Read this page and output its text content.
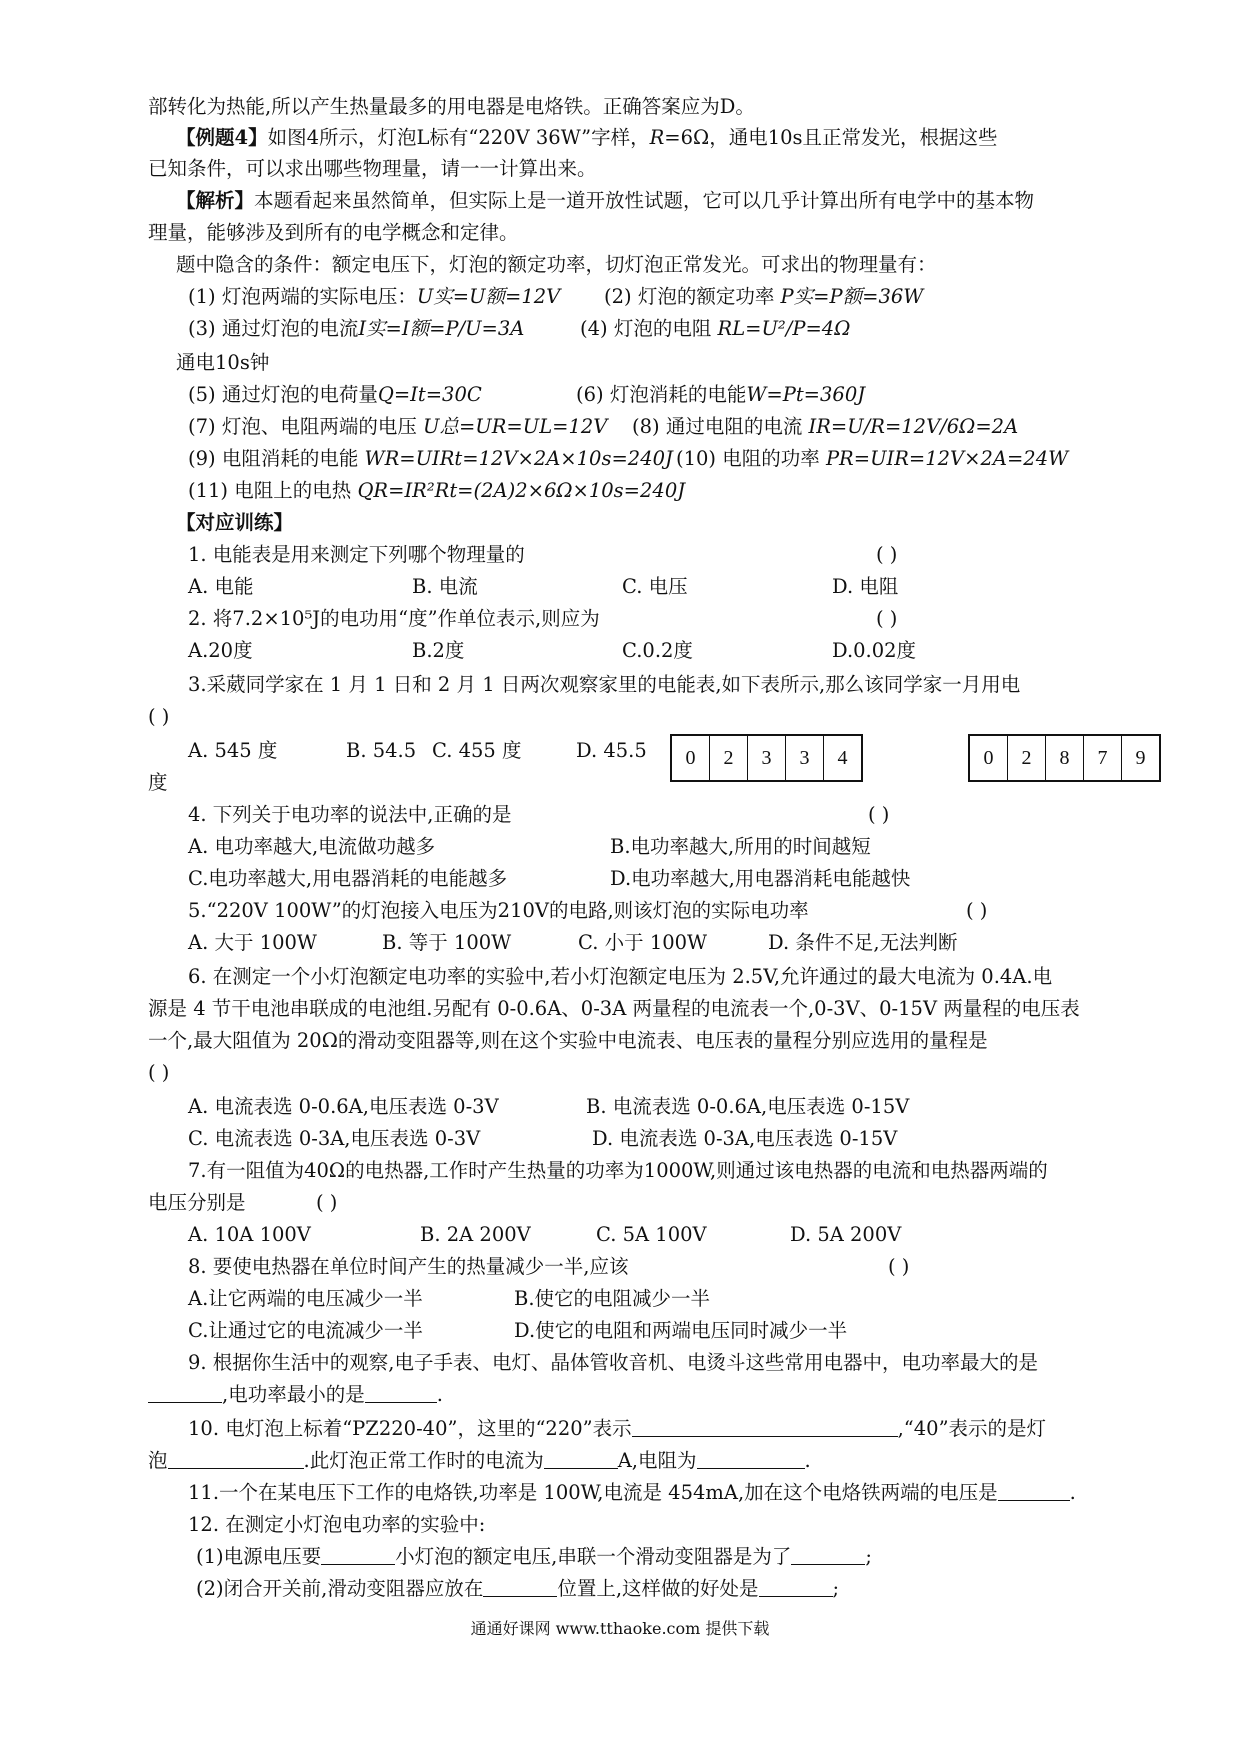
部转化为热能,所以产生热量最多的用电器是电烙铁。正确答案应为D。
【例题4】如图4所示，灯泡L标有“220V 36W”字样，R=6Ω，通电10s且正常发光，根据这些
已知条件，可以求出哪些物理量，请一一计算出来。
【解析】本题看起来虽然简单，但实际上是一道开放性试题，它可以几乎计算出所有电学中的基本物
理量，能够涉及到所有的电学概念和定律。
题中隐含的条件：额定电压下，灯泡的额定功率，切灯泡正常发光。可求出的物理量有：
(1) 灯泡两端的实际电压：U实=U额=12V (2) 灯泡的额定功率 P实=P额=36W
(3) 通过灯泡的电流I实=I额=P/U=3A	(4) 灯泡的电阻 RL=U²/P=4Ω
通电10s钟
(5) 通过灯泡的电荷量Q=It=30C	(6) 灯泡消耗的电能W=Pt=360J
(7) 灯泡、电阻两端的电压 U总=UR=UL=12V (8) 通过电阻的电流 IR=U/R=12V/6Ω=2A
(9) 电阻消耗的电能 WR=UIRt=12V×2A×10s=240J (10) 电阻的功率 PR=UIR=12V×2A=24W
(11) 电阻上的电热 QR=IR²Rt=(2A)2×6Ω×10s=240J
【对应训练】
1. 电能表是用来测定下列哪个物理量的	( )
A. 电能	B. 电流	C. 电压	D. 电阻
2. 将7.2×10⁵J的电功用“度”作单位表示,则应为	( )
A.20度	B.2度	C.0.2度	D.0.02度
3.采葳同学家在 1 月 1 日和 2 月 1 日两次观察家里的电能表,如下表所示,那么该同学家一月用电
( )
A. 545 度	B. 54.5 C. 455 度	D. 45.5
度
0	2	3	3	4	0	2	8	7	9
4. 下列关于电功率的说法中,正确的是	( )
A. 电功率越大,电流做功越多	B.电功率越大,所用的时间越短
C.电功率越大,用电器消耗的电能越多	D.电功率越大,用电器消耗电能越快
5.“220V 100W”的灯泡接入电压为210V的电路,则该灯泡的实际电功率	( )
A. 大于 100W	B. 等于 100W	C. 小于 100W	D. 条件不足,无法判断
6. 在测定一个小灯泡额定电功率的实验中,若小灯泡额定电压为 2.5V,允许通过的最大电流为 0.4A.电
源是 4 节干电池串联成的电池组.另配有 0-0.6A、0-3A 两量程的电流表一个,0-3V、0-15V 两量程的电压表
一个,最大阻值为 20Ω的滑动变阻器等,则在这个实验中电流表、电压表的量程分别应选用的量程是
( )
A. 电流表选 0-0.6A,电压表选 0-3V	B. 电流表选 0-0.6A,电压表选 0-15V
C. 电流表选 0-3A,电压表选 0-3V	D. 电流表选 0-3A,电压表选 0-15V
7.有一阻值为40Ω的电热器,工作时产生热量的功率为1000W,则通过该电热器的电流和电热器两端的
电压分别是	( )
A. 10A 100V	B. 2A 200V	C. 5A 100V	D. 5A 200V
8. 要使电热器在单位时间产生的热量减少一半,应该	( )
A.让它两端的电压减少一半	B.使它的电阻减少一半
C.让通过它的电流减少一半	D.使它的电阻和两端电压同时减少一半
9. 根据你生活中的观察,电子手表、电灯、晶体管收音机、电烫斗这些常用电器中，电功率最大的是
,电功率最小的是	.
10. 电灯泡上标着“PZ220-40”，这里的“220”表示	,“40”表示的是灯
泡	.此灯泡正常工作时的电流为	A,电阻为	.
11.一个在某电压下工作的电烙铁,功率是 100W,电流是 454mA,加在这个电烙铁两端的电压是	.
12. 在测定小灯泡电功率的实验中:
(1)电源电压要	小灯泡的额定电压,串联一个滑动变阻器是为了	;
(2)闭合开关前,滑动变阻器应放在	位置上,这样做的好处是	;
通通好课网 www.tthaoke.com 提供下载
